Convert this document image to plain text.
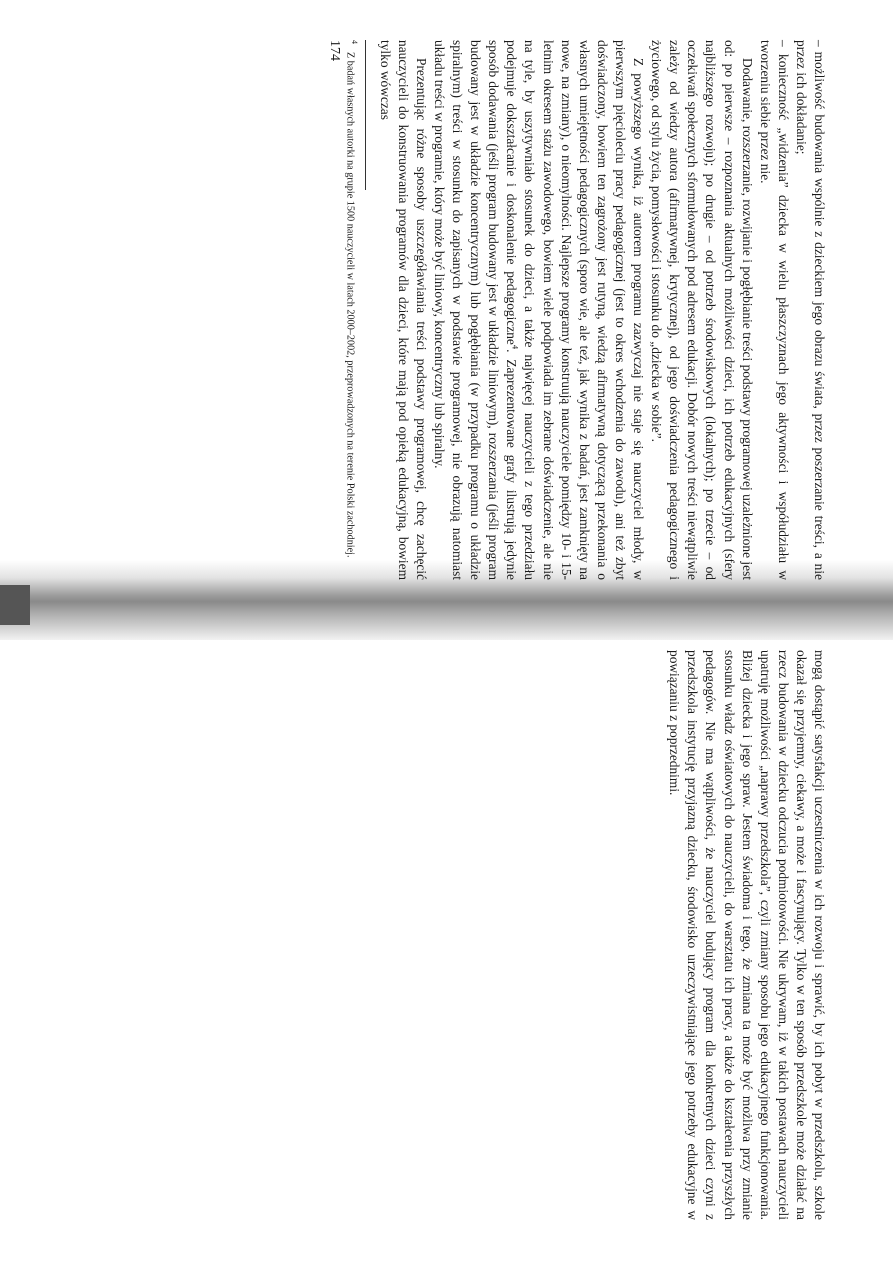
– możliwość budowania wspólnie z dzieckiem jego obrazu świata, przez poszerzanie treści, a nie przez ich dokładanie;

– konieczność „widzenia” dziecka w wielu płaszczyznach jego aktywności i współudziału w tworzeniu siebie przez nie.

Dodawanie, rozszerzanie, rozwijanie i pogłębianie treści podstawy programowej uzależnione jest od: po pierwsze – rozpoznania aktualnych możliwości dzieci, ich potrzeb edukacyjnych (sfery najbliższego rozwoju); po drugie – od potrzeb środowiskowych (lokalnych); po trzecie – od oczekiwań społecznych sformułowanych pod adresem edukacji. Dobór nowych treści niewątpliwie zależy od wiedzy autora (afirmatywnej, krytycznej), od jego doświadczenia pedagogicznego i życiowego, od stylu życia, pomysłowości i stosunku do „dziecka w sobie”.

Z powyższego wynika, iż autorem programu zazwyczaj nie staje się nauczyciel młody, w pierwszym pięcioleciu pracy pedagogicznej (jest to okres wchodzenia do zawodu), ani też zbyt doświadczony, bowiem ten zagrożony jest rutyną, wiedzą afirmatywną dotyczącą przekonania o własnych umiejętności pedagogicznych (sporo wie, ale też, jak wynika z badań, jest zamknięty na nowe, na zmiany), o nieomylności. Najlepsze programy konstruują nauczyciele pomiędzy 10- i 15-letnim okresem stażu zawodowego, bowiem wiele podpowiada im zebrane doświadczenie, ale nie na tyle, by uszytywniało stosunek do dzieci, a także najwięcej nauczycieli z tego przedziału podejmuje dokształcanie i doskonalenie pedagogiczne$^4$. Zaprezentowane grafy ilustrują jedynie sposób dodawania (jeśli program budowany jest w układzie liniowym), rozszerzania (jeśli program budowany jest w układzie koncentrycznym) lub pogłębiania (w przypadku programu o układzie spiralnym) treści w stosunku do zapisanych w podstawie programowej, nie obrazują natomiast układu treści w programie, który może być liniowy, koncentryczny lub spiralny.

Prezentując różne sposoby uszczegóławiania treści podstawy programowej, chcę zachęcić nauczycieli do konstruowania programów dla dzieci, które mają pod opieką edukacyjną, bowiem tylko wówczas

$^4$Z badań własnych autorki na grupie 1500 nauczycieli w latach 2000–2002, przeprowadzonych na terenie Polski zachodniej.

174

mogą dostąpić satysfakcji uczestniczenia w ich rozwoju i sprawić, by ich pobyt w przedszkolu, szkole okazał się przyjemny, ciekawy, a może i fascynujący. Tylko w ten sposób przedszkole może działać na rzecz budowania w dziecku odczucia podmiotowości. Nie ukrywam, iż w takich postawach nauczycieli upatruję możliwości „naprawy przedszkola”, czyli zmiany sposobu jego edukacyjnego funkcjonowania. Bliżej dziecka i jego spraw. Jestem świadoma i tego, że zmiana ta może być możliwa przy zmianie stosunku władz oświatowych do nauczycieli, do warsztatu ich pracy, a także do kształcenia przyszłych pedagogów. Nie ma wątpliwości, że nauczyciel budujący program dla konkretnych dzieci czyni z przedszkola instytucję przyjazną dziecku, środowisko urzeczywistniające jego potrzeby edukacyjne w powiązaniu z poprzednimi.
